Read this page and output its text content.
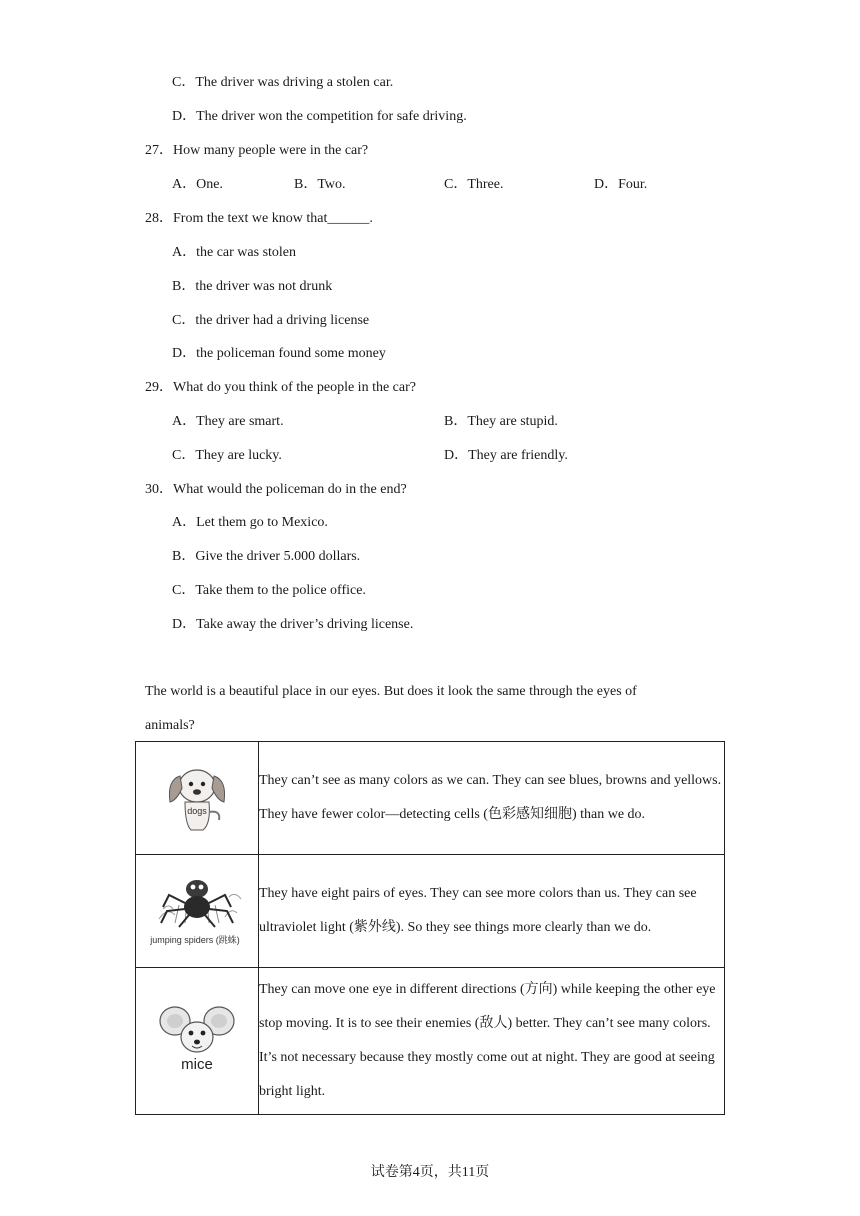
C．The driver was driving a stolen car.
D．The driver won the competition for safe driving.
27．How many people were in the car?
A．One.	B．Two.	C．Three.	D．Four.
28．From the text we know that______.
A．the car was stolen
B．the driver was not drunk
C．the driver had a driving license
D．the policeman found some money
29．What do you think of the people in the car?
A．They are smart.	B．They are stupid.
C．They are lucky.	D．They are friendly.
30．What would the policeman do in the end?
A．Let them go to Mexico.
B．Give the driver 5.000 dollars.
C．Take them to the police office.
D．Take away the driver’s driving license.
The world is a beautiful place in our eyes. But does it look the same through the eyes of
animals?
dogs	They can’t see as many colors as we can. They can see blues, browns and yellows. They have fewer color—detecting cells (色彩感知细胞) than we do.

jumping spiders (跳蛛)	They have eight pairs of eyes. They can see more colors than us. They can see ultraviolet light (紫外线). So they see things more clearly than we do.

mice	They can move one eye in different directions (方向) while keeping the other eye stop moving. It is to see their enemies (敌人) better. They can’t see many colors. It’s not necessary because they mostly come out at night. They are good at seeing bright light.
试卷第4页，共11页
